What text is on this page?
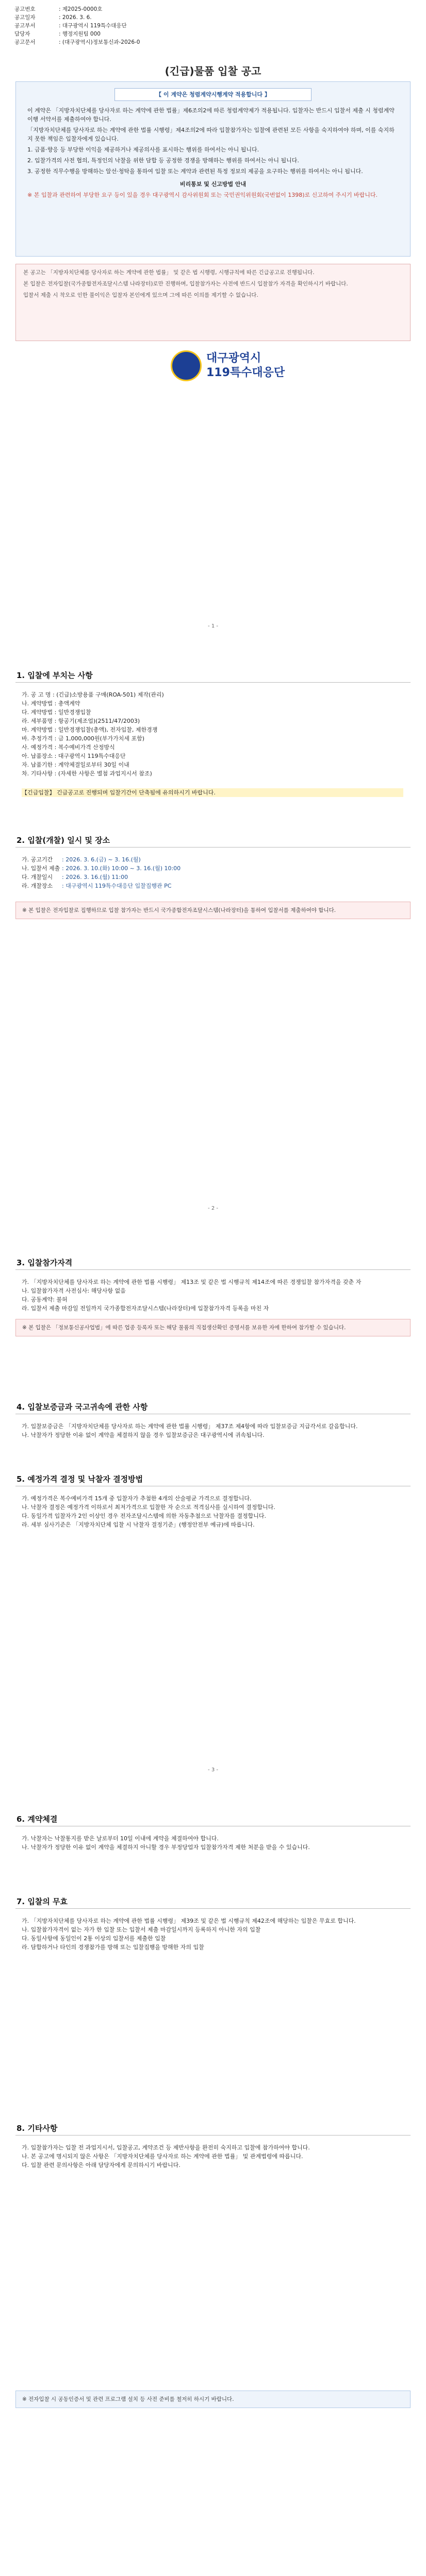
공고번호	: 제2025-0000호
공고일자	: 2026. 3. 6.
공고부서	: 대구광역시 119특수대응단
담당자	: 행정지원팀 000
공고문서	: (대구광역시)정보통신과-2026-0
(긴급)물품 입찰 공고
【 이 계약은 청렴계약시행계약 적용합니다 】

이 계약은 「지방자치단체를 당사자로 하는 계약에 관한 법률」제6조의2에 따른 청렴계약제가 적용됩니다. 입찰자는 반드시 입찰서 제출 시 청렴계약이행 서약서를 제출하여야 합니다.

「지방자치단체를 당사자로 하는 계약에 관한 법률 시행령」제4조의2에 따라 입찰참가자는 입찰에 관련된 모든 사항을 숙지하여야 하며, 이를 숙지하지 못한 책임은 입찰자에게 있습니다.

1. 금품·향응 등 부당한 이익을 제공하거나 제공의사를 표시하는 행위를 하여서는 아니 됩니다.

2. 입찰가격의 사전 협의, 특정인의 낙찰을 위한 담합 등 공정한 경쟁을 방해하는 행위를 하여서는 아니 됩니다.

3. 공정한 직무수행을 방해하는 알선·청탁을 통하여 입찰 또는 계약과 관련된 특정 정보의 제공을 요구하는 행위를 하여서는 아니 됩니다.

비리통보 및 신고방법 안내

※ 본 입찰과 관련하여 부당한 요구 등이 있을 경우 대구광역시 감사위원회 또는 국민권익위원회(국번없이 1398)로 신고하여 주시기 바랍니다.

본 공고는 「지방자치단체를 당사자로 하는 계약에 관한 법률」 및 같은 법 시행령, 시행규칙에 따른 긴급공고로 진행됩니다.
본 입찰은 전자입찰(국가종합전자조달시스템 나라장터)로만 진행하며, 입찰참가자는 사전에 반드시 입찰참가 자격을 확인하시기 바랍니다.
입찰서 제출 시 착오로 인한 불이익은 입찰자 본인에게 있으며 그에 따른 이의를 제기할 수 없습니다.
대구광역시
119특수대응단
- 1 -
1. 입찰에 부치는 사항
가. 공 고 명 : (긴급)소방용품 구매(ROA-501) 제작(관리)
나. 계약방법 : 총액계약
다. 계약방법 : 일반경쟁입찰
라. 세부품명 : 항공기(제조업)(2511/47/2003)
마. 계약방법 : 일반경쟁입찰(총액), 전자입찰, 제한경쟁
바. 추정가격 : 금 1,000,000원(부가가치세 포함)
사. 예정가격 : 복수예비가격 산정방식
아. 납품장소 : 대구광역시 119특수대응단
자. 납품기한 : 계약체결일로부터 30일 이내
차. 기타사항 : (자세한 사항은 별첨 과업지시서 참조)
【긴급입찰】 긴급공고로 진행되며 입찰기간이 단축됨에 유의하시기 바랍니다.
2. 입찰(개찰) 일시 및 장소
가. 공고기간 : 2026. 3. 6.(금) ~ 3. 16.(월)
나. 입찰서 제출 : 2026. 3. 10.(화) 10:00 ~ 3. 16.(월) 10:00
다. 개찰일시 : 2026. 3. 16.(월) 11:00
라. 개찰장소 : 대구광역시 119특수대응단 입찰집행관 PC
※ 본 입찰은 전자입찰로 집행하므로 입찰 참가자는 반드시 국가종합전자조달시스템(나라장터)을 통하여 입찰서를 제출하여야 합니다.
- 2 -
3. 입찰참가자격
가. 「지방자치단체를 당사자로 하는 계약에 관한 법률 시행령」 제13조 및 같은 법 시행규칙 제14조에 따른 경쟁입찰 참가자격을 갖춘 자
나. 입찰참가자격 사전심사: 해당사항 없음
다. 공동계약: 불허
라. 입찰서 제출 마감일 전일까지 국가종합전자조달시스템(나라장터)에 입찰참가자격 등록을 마친 자
※ 본 입찰은 「정보통신공사업법」에 따른 업종 등록자 또는 해당 물품의 직접생산확인 증명서를 보유한 자에 한하여 참가할 수 있습니다.
4. 입찰보증금과 국고귀속에 관한 사항
가. 입찰보증금은 「지방자치단체를 당사자로 하는 계약에 관한 법률 시행령」 제37조 제4항에 따라 입찰보증금 지급각서로 갈음합니다.
나. 낙찰자가 정당한 이유 없이 계약을 체결하지 않을 경우 입찰보증금은 대구광역시에 귀속됩니다.
5. 예정가격 결정 및 낙찰자 결정방법
가. 예정가격은 복수예비가격 15개 중 입찰자가 추첨한 4개의 산술평균 가격으로 결정합니다.
나. 낙찰자 결정은 예정가격 이하로서 최저가격으로 입찰한 자 순으로 적격심사를 실시하여 결정합니다.
다. 동일가격 입찰자가 2인 이상인 경우 전자조달시스템에 의한 자동추첨으로 낙찰자를 결정합니다.
라. 세부 심사기준은 「지방자치단체 입찰 시 낙찰자 결정기준」(행정안전부 예규)에 따릅니다.
- 3 -
6. 계약체결
가. 낙찰자는 낙찰통지를 받은 날로부터 10일 이내에 계약을 체결하여야 합니다.
나. 낙찰자가 정당한 이유 없이 계약을 체결하지 아니할 경우 부정당업자 입찰참가자격 제한 처분을 받을 수 있습니다.
7. 입찰의 무효
가. 「지방자치단체를 당사자로 하는 계약에 관한 법률 시행령」 제39조 및 같은 법 시행규칙 제42조에 해당하는 입찰은 무효로 합니다.
나. 입찰참가자격이 없는 자가 한 입찰 또는 입찰서 제출 마감일시까지 등록하지 아니한 자의 입찰
다. 동일사항에 동일인이 2통 이상의 입찰서를 제출한 입찰
라. 담합하거나 타인의 경쟁참가를 방해 또는 입찰집행을 방해한 자의 입찰
8. 기타사항
가. 입찰참가자는 입찰 전 과업지시서, 입찰공고, 계약조건 등 제반사항을 완전히 숙지하고 입찰에 참가하여야 합니다.
나. 본 공고에 명시되지 않은 사항은 「지방자치단체를 당사자로 하는 계약에 관한 법률」 및 관계법령에 따릅니다.
다. 입찰 관련 문의사항은 아래 담당자에게 문의하시기 바랍니다.
※ 전자입찰 시 공동인증서 및 관련 프로그램 설치 등 사전 준비를 철저히 하시기 바랍니다.
